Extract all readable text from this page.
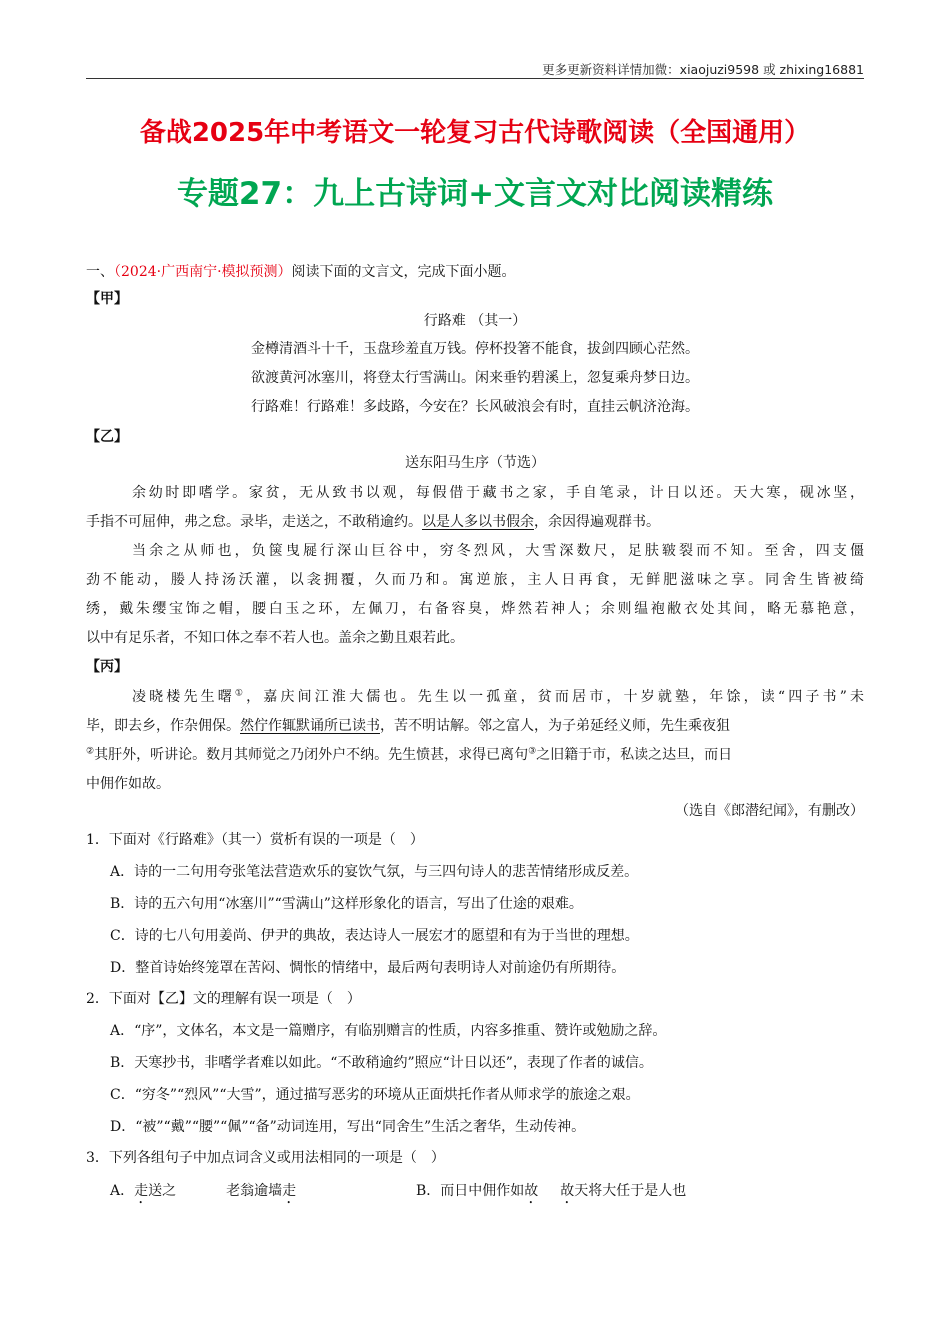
更多更新资料详情加微：xiaojuzi9598 或 zhixing16881
备战2025年中考语文一轮复习古代诗歌阅读（全国通用）
专题27：九上古诗词+文言文对比阅读精练
一、（2024·广西南宁·模拟预测）阅读下面的文言文，完成下面小题。
【甲】
行路难 （其一）
金樽清酒斗十千，玉盘珍羞直万钱。停杯投箸不能食，拔剑四顾心茫然。
欲渡黄河冰塞川，将登太行雪满山。闲来垂钓碧溪上，忽复乘舟梦日边。
行路难！行路难！多歧路，今安在？长风破浪会有时，直挂云帆济沧海。
【乙】
送东阳马生序（节选）
余幼时即嗜学。家贫，无从致书以观，每假借于藏书之家，手自笔录，计日以还。天大寒，砚冰坚，
手指不可屈伸，弗之怠。录毕，走送之，不敢稍逾约。以是人多以书假余，余因得遍观群书。
当余之从师也，负箧曳屣行深山巨谷中，穷冬烈风，大雪深数尺，足肤皲裂而不知。至舍，四支僵
劲不能动，媵人持汤沃灌，以衾拥覆，久而乃和。寓逆旅，主人日再食，无鲜肥滋味之享。同舍生皆被绮
绣，戴朱缨宝饰之帽，腰白玉之环，左佩刀，右备容臭，烨然若神人；余则缊袍敝衣处其间，略无慕艳意，
以中有足乐者，不知口体之奉不若人也。盖余之勤且艰若此。
【丙】
凌晓楼先生曙①，嘉庆间江淮大儒也。先生以一孤童，贫而居市，十岁就塾，年馀，读“四子书”未
毕，即去乡，作杂佣保。然佇作辄默诵所已读书，苦不明诂解。邻之富人，为子弟延经义师，先生乘夜狙
②其肝外，听讲论。数月其师觉之乃闭外户不纳。先生愤甚，求得已离句③之旧籍于市，私读之达旦，而日
中佣作如故。
（选自《郎潜纪闻》，有删改）
1．下面对《行路难》（其一）赏析有误的一项是（　）
A．诗的一二句用夸张笔法营造欢乐的宴饮气氛，与三四句诗人的悲苦情绪形成反差。
B．诗的五六句用“冰塞川”“雪满山”这样形象化的语言，写出了仕途的艰难。
C．诗的七八句用姜尚、伊尹的典故，表达诗人一展宏才的愿望和有为于当世的理想。
D．整首诗始终笼罩在苦闷、惆怅的情绪中，最后两句表明诗人对前途仍有所期待。
2．下面对【乙】文的理解有误一项是（　）
A．“序”，文体名，本文是一篇赠序，有临别赠言的性质，内容多推重、赞许或勉励之辞。
B．天寒抄书，非嗜学者难以如此。“不敢稍逾约”照应“计日以还”，表现了作者的诚信。
C．“穷冬”“烈风”“大雪”，通过描写恶劣的环境从正面烘托作者从师求学的旅途之艰。
D．“被”“戴”“腰”“佩”“备”动词连用，写出“同舍生”生活之奢华，生动传神。
3．下列各组句子中加点词含义或用法相同的一项是（　）
A．走送之	老翁逾墙走	B．而日中佣作如故 故天将大任于是人也
